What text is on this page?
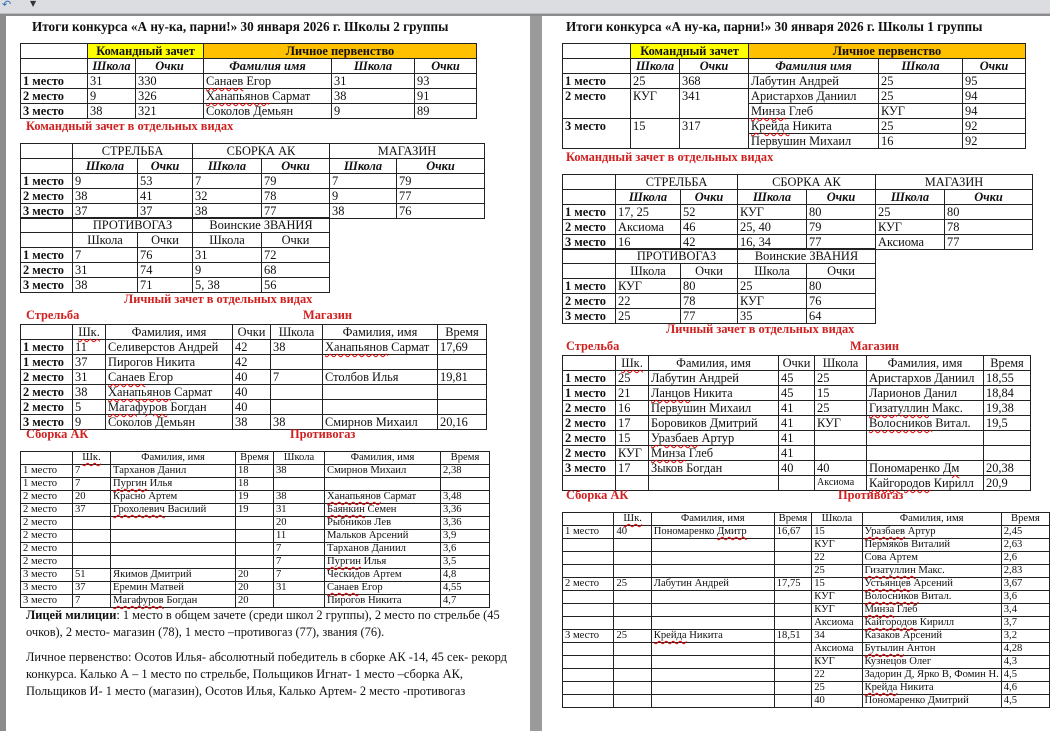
↶ ▼
Итоги конкурса «А ну-ка, парни!» 30 января 2026 г. Школы 2 группы
	Командный зачет		Личное первенство		
	Школа	Очки	Фамилия имя	Школа	Очки
1 место	31	330	Санаев Егор	31	93
2 место	9	326	Ханапьянов Сармат	38	91
3 место	38	321	Соколов Демьян	9	89
Командный зачет в отдельных видах
	СТРЕЛЬБА		СБОРКА АК		МАГАЗИН	
	Школа	Очки	Школа	Очки	Школа	Очки
1 место	9	53	7	79	7	79
2 место	38	41	32	78	9	77
3 место	37	37	38	77	38	76
	ПРОТИВОГАЗ		Воинские ЗВАНИЯ	
	Школа	Очки	Школа	Очки
1 место	7	76	31	72
2 место	31	74	9	68
3 место	38	71	5, 38	56
Личный зачет в отдельных видах
Стрельба	Магазин
	Шк.	Фамилия, имя	Очки	Школа	Фамилия, имя	Время
1 место	11	Селиверстов Андрей	42	38	Ханапьянов Сармат	17,69
1 место	37	Пирогов Никита	42			
2 место	31	Санаев Егор	40	7	Столбов Илья	19,81
2 место	38	Ханапьянов Сармат	40			
2 место	5	Магафуров Богдан	40			
3 место	9	Соколов Демьян	38	38	Смирнов Михаил	20,16
Сборка АК	Противогаз
	Шк.	Фамилия, имя	Время	Школа	Фамилия, имя	Время
1 место	7	Тарханов Данил	18	38	Смирнов Михаил	2,38
1 место	7	Пургин Илья	18			
2 место	20	Красно Артем	19	38	Ханапьянов Сармат	3,48
2 место	37	Грохолевич Василий	19	31	Баянкин Семен	3,36
2 место				20	Рыбников Лев	3,36
2 место				11	Мальков Арсений	3,9
2 место				7	Тарханов Даниил	3,6
2 место				7	Пургин Илья	3,5
3 место	51	Якимов Дмитрий	20	7	Ческидов Артем	4,8
3 место	37	Еремин Матвей	20	31	Санаев Егор	4,55
3 место	7	Магафуров Богдан	20		Пирогов Никита	4,7
Лицей милиции: 1 место в общем зачете (среди школ 2 группы), 2 место по стрельбе (45 очков), 2 место- магазин (78), 1 место –противогаз (77), звания (76).
Личное первенство: Осотов Илья- абсолютный победитель в сборке АК -14, 45 сек- рекорд конкурса. Калько А – 1 место по стрельбе, Польщиков Игнат- 1 место –сборка АК, Польщиков И- 1 место (магазин), Осотов Илья, Калько Артем- 2 место -противогаз
Итоги конкурса «А ну-ка, парни!» 30 января 2026 г. Школы 1 группы
	Командный зачет		Личное первенство		
	Школа	Очки	Фамилия имя	Школа	Очки
1 место	25	368	Лабутин Андрей	25	95
2 место	КУГ	341	Аристархов Даниил	25	94
			Минза Глеб	КУГ	94
3 место	15	317	Крейда Никита	25	92
			Первушин Михаил	16	92
Командный зачет в отдельных видах
	СТРЕЛЬБА		СБОРКА АК		МАГАЗИН	
	Школа	Очки	Школа	Очки	Школа	Очки
1 место	17, 25	52	КУГ	80	25	80
2 место	Аксиома	46	25, 40	79	КУГ	78
3 место	16	42	16, 34	77	Аксиома	77
	ПРОТИВОГАЗ		Воинские ЗВАНИЯ	
	Школа	Очки	Школа	Очки
1 место	КУГ	80	25	80
2 место	22	78	КУГ	76
3 место	25	77	35	64
Личный зачет в отдельных видах
Стрельба	Магазин
	Шк.	Фамилия, имя	Очки	Школа	Фамилия, имя	Время
1 место	25	Лабутин Андрей	45	25	Аристархов Даниил	18,55
1 место	21	Ланцов Никита	45	15	Ларионов Данил	18,84
2 место	16	Первушин Михаил	41	25	Гизатуллин Макс.	19,38
2 место	17	Боровиков Дмитрий	41	КУГ	Волосников Витал.	19,5
2 место	15	Уразбаев Артур	41			
2 место	КУГ	Минза Глеб	41			
3 место	17	Зыков Богдан	40	40	Пономаренко Дм	20,38
				Аксиома	Кайгородов Кирилл	20,9
Сборка АК	Противогаз
	Шк.	Фамилия, имя	Время	Школа	Фамилия, имя	Время
1 место	40	Пономаренко Дмитр	16,67	15	Уразбаев Артур	2,45
				КУГ	Пермяков Виталий	2,63
				22	Сова Артем	2,6
				25	Гизатуллин Макс.	2,83
2 место	25	Лабутин Андрей	17,75	15	Устьянцев Арсений	3,67
				КУГ	Волосников Витал.	3,6
				КУГ	Минза Глеб	3,4
				Аксиома	Кайгородов Кирилл	3,7
3 место	25	Крейда Никита	18,51	34	Казаков Арсений	3,2
				Аксиома	Бутылин Антон	4,28
				КУГ	Кузнецов Олег	4,3
				22	Задорин Д, Ярко В, Фомин Н.	4,5
				25	Крейда Никита	4,6
				40	Пономаренко Дмитрий	4,5
